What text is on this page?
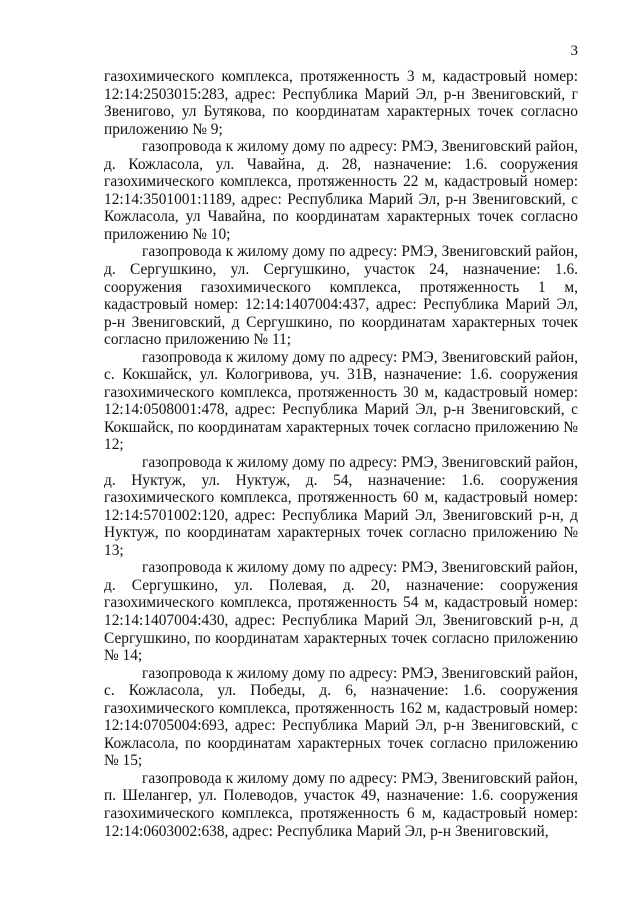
3

газохимического комплекса, протяженность 3 м, кадастровый номер: 12:14:2503015:283, адрес: Республика Марий Эл, р-н Звениговский, г Звенигово, ул Бутякова, по координатам характерных точек согласно приложению № 9;

газопровода к жилому дому по адресу: РМЭ, Звениговский район, д. Кожласола, ул. Чавайна, д. 28, назначение: 1.6. сооружения газохимического комплекса, протяженность 22 м, кадастровый номер: 12:14:3501001:1189, адрес: Республика Марий Эл, р-н Звениговский, с Кожласола, ул Чавайна, по координатам характерных точек согласно приложению № 10;

газопровода к жилому дому по адресу: РМЭ, Звениговский район, д. Сергушкино, ул. Сергушкино, участок 24, назначение: 1.6. сооружения газохимического комплекса, протяженность 1 м, кадастровый номер: 12:14:1407004:437, адрес: Республика Марий Эл, р-н Звениговский, д Сергушкино, по координатам характерных точек согласно приложению № 11;

газопровода к жилому дому по адресу: РМЭ, Звениговский район, с. Кокшайск, ул. Кологривова, уч. 31В, назначение: 1.6. сооружения газохимического комплекса, протяженность 30 м, кадастровый номер: 12:14:0508001:478, адрес: Республика Марий Эл, р-н Звениговский, с Кокшайск, по координатам характерных точек согласно приложению № 12;

газопровода к жилому дому по адресу: РМЭ, Звениговский район, д. Нуктуж, ул. Нуктуж, д. 54, назначение: 1.6. сооружения газохимического комплекса, протяженность 60 м, кадастровый номер: 12:14:5701002:120, адрес: Республика Марий Эл, Звениговский р-н, д Нуктуж, по координатам характерных точек согласно приложению № 13;

газопровода к жилому дому по адресу: РМЭ, Звениговский район, д. Сергушкино, ул. Полевая, д. 20, назначение: сооружения газохимического комплекса, протяженность 54 м, кадастровый номер: 12:14:1407004:430, адрес: Республика Марий Эл, Звениговский р-н, д Сергушкино, по координатам характерных точек согласно приложению № 14;

газопровода к жилому дому по адресу: РМЭ, Звениговский район, с. Кожласола, ул. Победы, д. 6, назначение: 1.6. сооружения газохимического комплекса, протяженность 162 м, кадастровый номер: 12:14:0705004:693, адрес: Республика Марий Эл, р-н Звениговский, с Кожласола, по координатам характерных точек согласно приложению № 15;

газопровода к жилому дому по адресу: РМЭ, Звениговский район, п. Шелангер, ул. Полеводов, участок 49, назначение: 1.6. сооружения газохимического комплекса, протяженность 6 м, кадастровый номер: 12:14:0603002:638, адрес: Республика Марий Эл, р-н Звениговский,
